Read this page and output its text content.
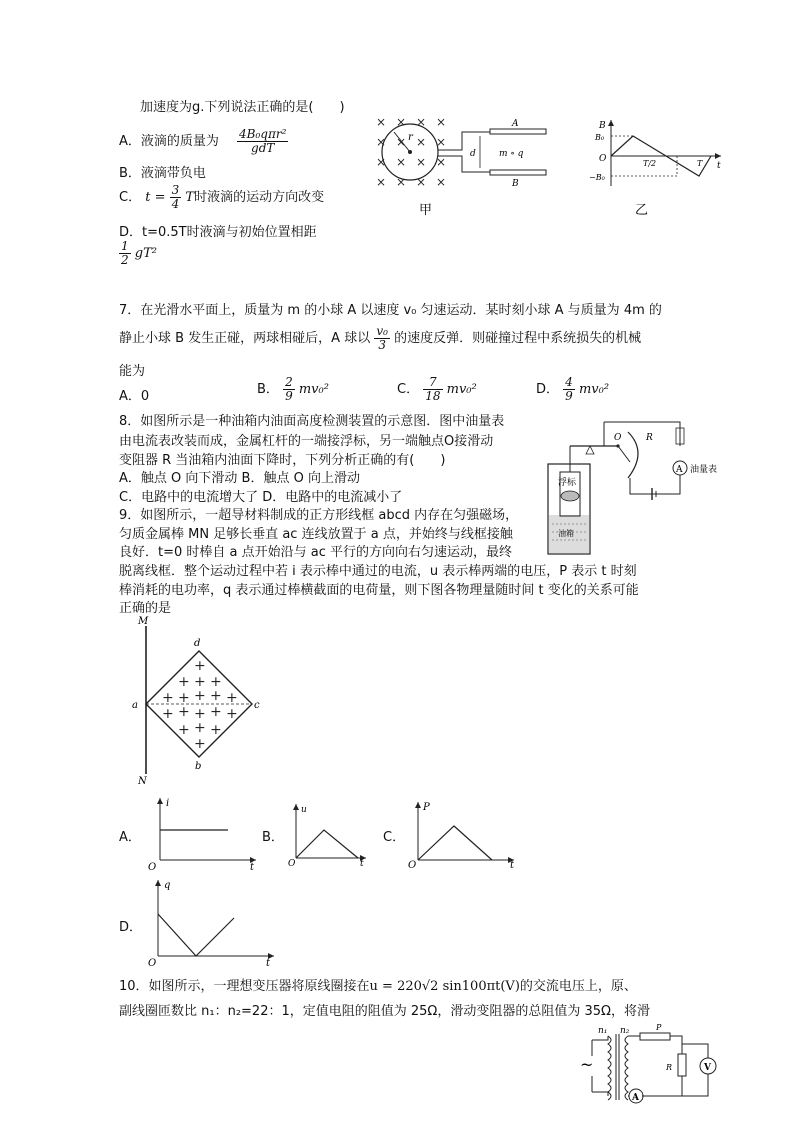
加速度为g.下列说法正确的是(　　)
A．液滴的质量为 $\frac{\text{4B₀qπr²}}{\text{gdT}}$
B．液滴带负电
C． $t = \frac{3}{4}$ T时液滴的运动方向改变
D．t=0.5T时液滴与初始位置相距
$\frac{1}{2} gT^2$
× × × ×
× × × ×
× × × ×
× × × ×
r
A
B
d	m ∘ q
甲
B
B₀
O
−B₀
T/2	T t
乙
7．在光滑水平面上，质量为 m 的小球 A 以速度 v₀ 匀速运动．某时刻小球 A 与质量为 4m 的
静止小球 B 发生正碰，两球相碰后，A 球以 $\frac{\text{v₀}}{3}$ 的速度反弹．则碰撞过程中系统损失的机械
能为
A．0	B． $\frac{2}{9} mv_0^2$	C． $\frac{7}{18} mv_0^2$	D． $\frac{4}{9} mv_0^2$
8．如图所示是一种油箱内油面高度检测装置的示意图．图中油量表
由电流表改装而成，金属杠杆的一端接浮标，另一端触点O接滑动
变阻器 R 当油箱内油面下降时，下列分析正确的有(　　)
A．触点 O 向下滑动 B．触点 O 向上滑动
C．电路中的电流增大了 D．电路中的电流减小了
浮标
油箱
O	R
A 油量表
9．如图所示，一超导材料制成的正方形线框 abcd 内存在匀强磁场，
匀质金属棒 MN 足够长垂直 ac 连线放置于 a 点，并始终与线框接触
良好．t=0 时棒自 a 点开始沿与 ac 平行的方向向右匀速运动，最终
脱离线框．整个运动过程中若 i 表示棒中通过的电流，u 表示棒两端的电压，P 表示 t 时刻
棒消耗的电功率，q 表示通过棒横截面的电荷量，则下图各物理量随时间 t 变化的关系可能
正确的是
M
N
a
b
c
d
+
+ + +
+ + + + +
+ + + + +
+ + +
+
A．
i
t
O
B．
u
t
O
C．
P
t
O
D．
q
t
O
10．如图所示，一理想变压器将原线圈接在u = 220√2 sin100πt(V)的交流电压上，原、
副线圈匝数比 n₁：n₂=22：1，定值电阻的阻值为 25Ω，滑动变阻器的总阻值为 35Ω，将滑
~
n₁ n₂	P
R	V
A
